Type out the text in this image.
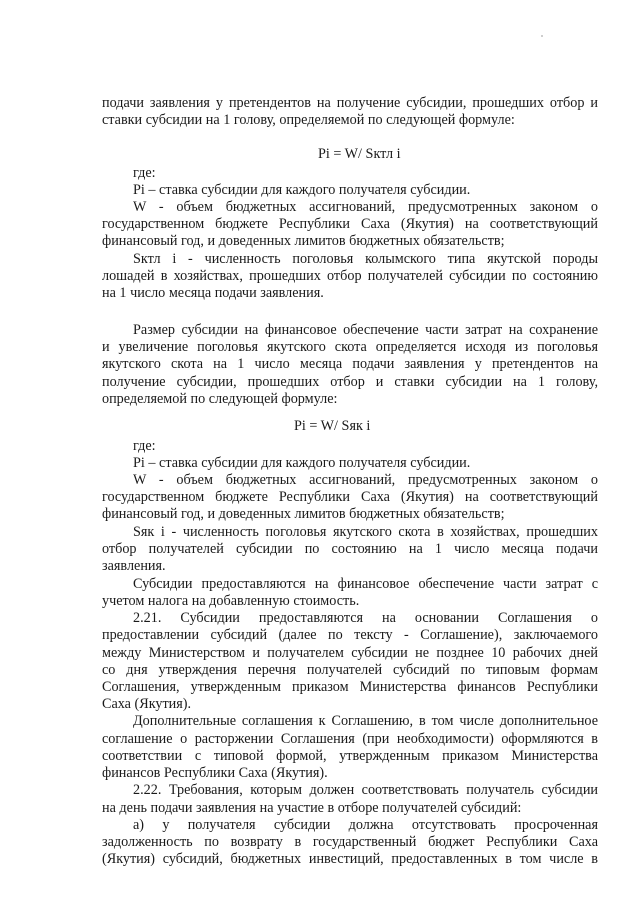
подачи заявления у претендентов на получение субсидии, прошедших отбор и

ставки субсидии на 1 голову, определяемой по следующей формуле:

Pi = W/ Sктл i

где:

Pi – ставка субсидии для каждого получателя субсидии.

W - объем бюджетных ассигнований, предусмотренных законом о

государственном бюджете Республики Саха (Якутия) на соответствующий

финансовый год, и доведенных лимитов бюджетных обязательств;

Sктл i - численность поголовья колымского типа якутской породы

лошадей в хозяйствах, прошедших отбор получателей субсидии по состоянию

на 1 число месяца подачи заявления.

Размер субсидии на финансовое обеспечение части затрат на сохранение

и увеличение поголовья якутского скота определяется исходя из поголовья

якутского скота на 1 число месяца подачи заявления у претендентов на

получение субсидии, прошедших отбор и ставки субсидии на 1 голову,

определяемой по следующей формуле:

Pi = W/ Sяк i

где:

Pi – ставка субсидии для каждого получателя субсидии.

W - объем бюджетных ассигнований, предусмотренных законом о

государственном бюджете Республики Саха (Якутия) на соответствующий

финансовый год, и доведенных лимитов бюджетных обязательств;

Sяк i - численность поголовья якутского скота в хозяйствах, прошедших

отбор получателей субсидии по состоянию на 1 число месяца подачи

заявления.

Субсидии предоставляются на финансовое обеспечение части затрат с

учетом налога на добавленную стоимость.

2.21. Субсидии предоставляются на основании Соглашения о

предоставлении субсидий (далее по тексту - Соглашение), заключаемого

между Министерством и получателем субсидии не позднее 10 рабочих дней

со дня утверждения перечня получателей субсидий по типовым формам

Соглашения, утвержденным приказом Министерства финансов Республики

Саха (Якутия).

Дополнительные соглашения к Соглашению, в том числе дополнительное

соглашение о расторжении Соглашения (при необходимости) оформляются в

соответствии с типовой формой, утвержденным приказом Министерства

финансов Республики Саха (Якутия).

2.22. Требования, которым должен соответствовать получатель субсидии

на день подачи заявления на участие в отборе получателей субсидий:

а) у получателя субсидии должна отсутствовать просроченная

задолженность по возврату в государственный бюджет Республики Саха

(Якутия) субсидий, бюджетных инвестиций, предоставленных в том числе в
